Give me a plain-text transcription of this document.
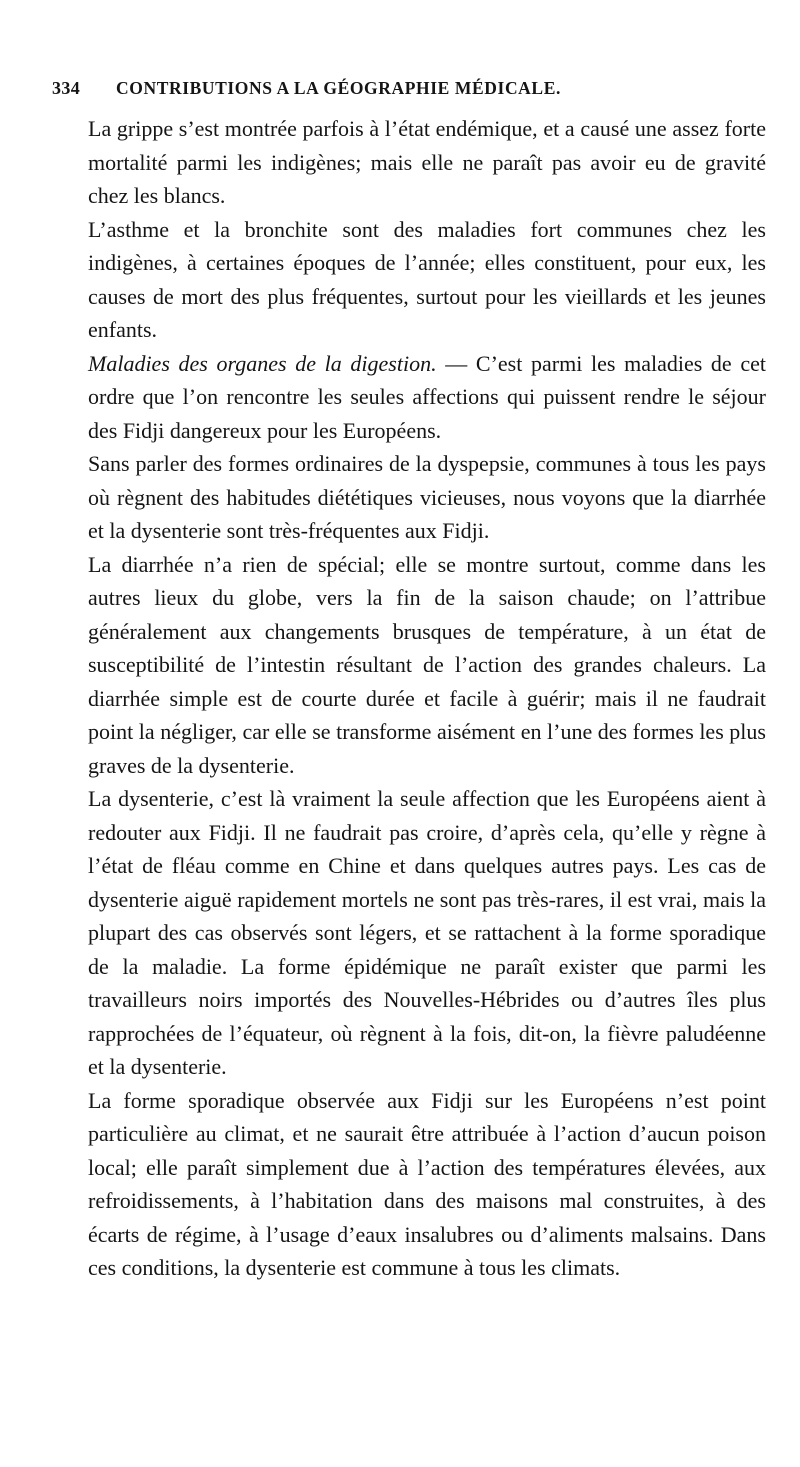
334	CONTRIBUTIONS A LA GÉOGRAPHIE MÉDICALE.

La grippe s’est montrée parfois à l’état endémique, et a causé une assez forte mortalité parmi les indigènes; mais elle ne paraît pas avoir eu de gravité chez les blancs.

L’asthme et la bronchite sont des maladies fort communes chez les indigènes, à certaines époques de l’année; elles constituent, pour eux, les causes de mort des plus fréquentes, surtout pour les vieillards et les jeunes enfants.

Maladies des organes de la digestion. — C’est parmi les maladies de cet ordre que l’on rencontre les seules affections qui puissent rendre le séjour des Fidji dangereux pour les Européens.

Sans parler des formes ordinaires de la dyspepsie, communes à tous les pays où règnent des habitudes diététiques vicieuses, nous voyons que la diarrhée et la dysenterie sont très-fréquentes aux Fidji.

La diarrhée n’a rien de spécial; elle se montre surtout, comme dans les autres lieux du globe, vers la fin de la saison chaude; on l’attribue généralement aux changements brusques de température, à un état de susceptibilité de l’intestin résultant de l’action des grandes chaleurs. La diarrhée simple est de courte durée et facile à guérir; mais il ne faudrait point la négliger, car elle se transforme aisément en l’une des formes les plus graves de la dysenterie.

La dysenterie, c’est là vraiment la seule affection que les Européens aient à redouter aux Fidji. Il ne faudrait pas croire, d’après cela, qu’elle y règne à l’état de fléau comme en Chine et dans quelques autres pays. Les cas de dysenterie aiguë rapidement mortels ne sont pas très-rares, il est vrai, mais la plupart des cas observés sont légers, et se rattachent à la forme sporadique de la maladie. La forme épidémique ne paraît exister que parmi les travailleurs noirs importés des Nouvelles-Hébrides ou d’autres îles plus rapprochées de l’équateur, où règnent à la fois, dit-on, la fièvre paludéenne et la dysenterie.

La forme sporadique observée aux Fidji sur les Européens n’est point particulière au climat, et ne saurait être attribuée à l’action d’aucun poison local; elle paraît simplement due à l’action des températures élevées, aux refroidissements, à l’habitation dans des maisons mal construites, à des écarts de régime, à l’usage d’eaux insalubres ou d’aliments malsains. Dans ces conditions, la dysenterie est commune à tous les climats.
